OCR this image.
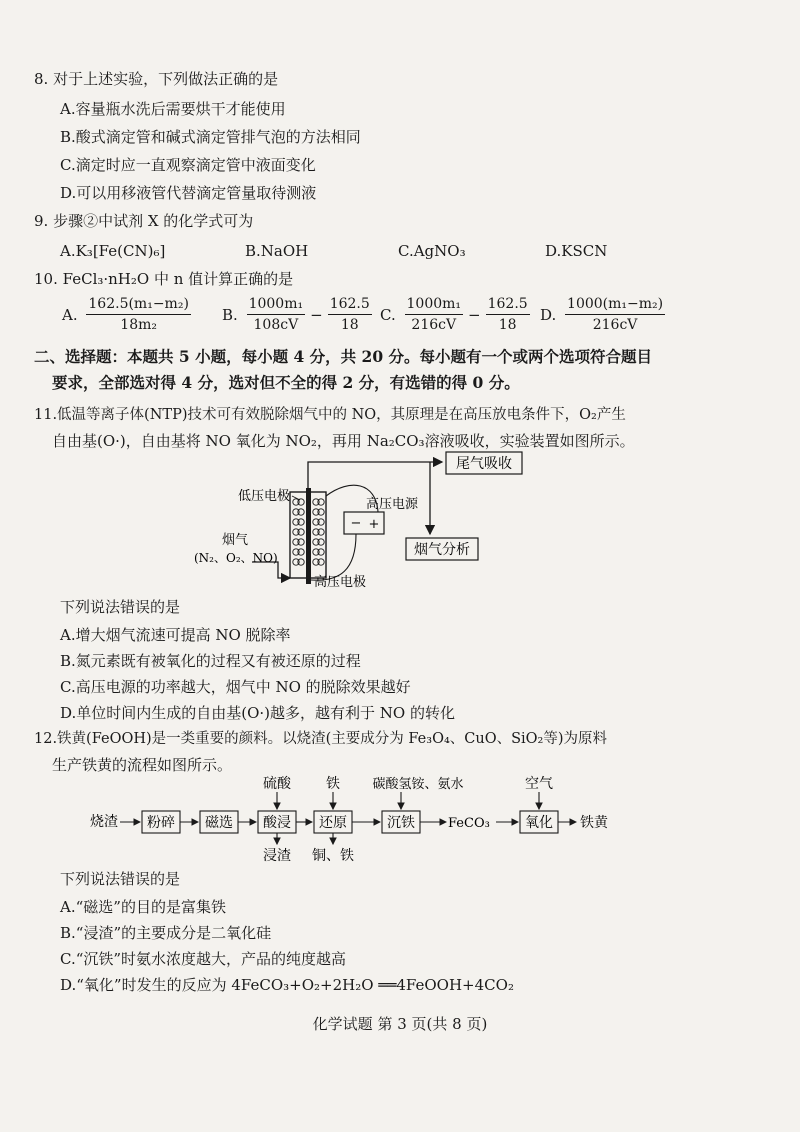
8. 对于上述实验，下列做法正确的是
A.容量瓶水洗后需要烘干才能使用
B.酸式滴定管和碱式滴定管排气泡的方法相同
C.滴定时应一直观察滴定管中液面变化
D.可以用移液管代替滴定管量取待测液
9. 步骤②中试剂 X 的化学式可为
A.K₃[Fe(CN)₆]	B.NaOH	C.AgNO₃	D.KSCN
10. FeCl₃·nH₂O 中 n 值计算正确的是
A. $\frac{\text{162.5(m₁−m₂)}}{\text{18m₂}} B$. $\frac{\text{1000m₁}}{108cV} - \frac{162.5}{18} C$. $\frac{\text{1000m₁}}{216cV} - \frac{162.5}{18} D$. $\frac{\text{1000(m₁−m₂)}}{216cV}$
二、选择题：本题共 5 小题，每小题 4 分，共 20 分。每小题有一个或两个选项符合题目
要求，全部选对得 4 分，选对但不全的得 2 分，有选错的得 0 分。
11.低温等离子体(NTP)技术可有效脱除烟气中的 NO，其原理是在高压放电条件下，O₂产生
自由基(O·)，自由基将 NO 氧化为 NO₂，再用 Na₂CO₃溶液吸收，实验装置如图所示。
尾气吸收
烟气分析
− +
高压电源
低压电极
烟气
(N₂、O₂、NO)
高压电极
下列说法错误的是
A.增大烟气流速可提高 NO 脱除率
B.氮元素既有被氧化的过程又有被还原的过程
C.高压电源的功率越大，烟气中 NO 的脱除效果越好
D.单位时间内生成的自由基(O·)越多，越有利于 NO 的转化
12.铁黄(FeOOH)是一类重要的颜料。以烧渣(主要成分为 Fe₃O₄、CuO、SiO₂等)为原料
生产铁黄的流程如图所示。
烧渣 粉碎 磁选 酸浸
硫酸
浸渣
还原
铁
铜、铁
沉铁
碳酸氢铵、氨水
FeCO₃	氧化
空气
铁黄
下列说法错误的是
A.“磁选”的目的是富集铁
B.“浸渣”的主要成分是二氧化硅
C.“沉铁”时氨水浓度越大，产品的纯度越高
D.“氧化”时发生的反应为 4FeCO₃+O₂+2H₂O ══4FeOOH+4CO₂
化学试题 第 3 页(共 8 页)
